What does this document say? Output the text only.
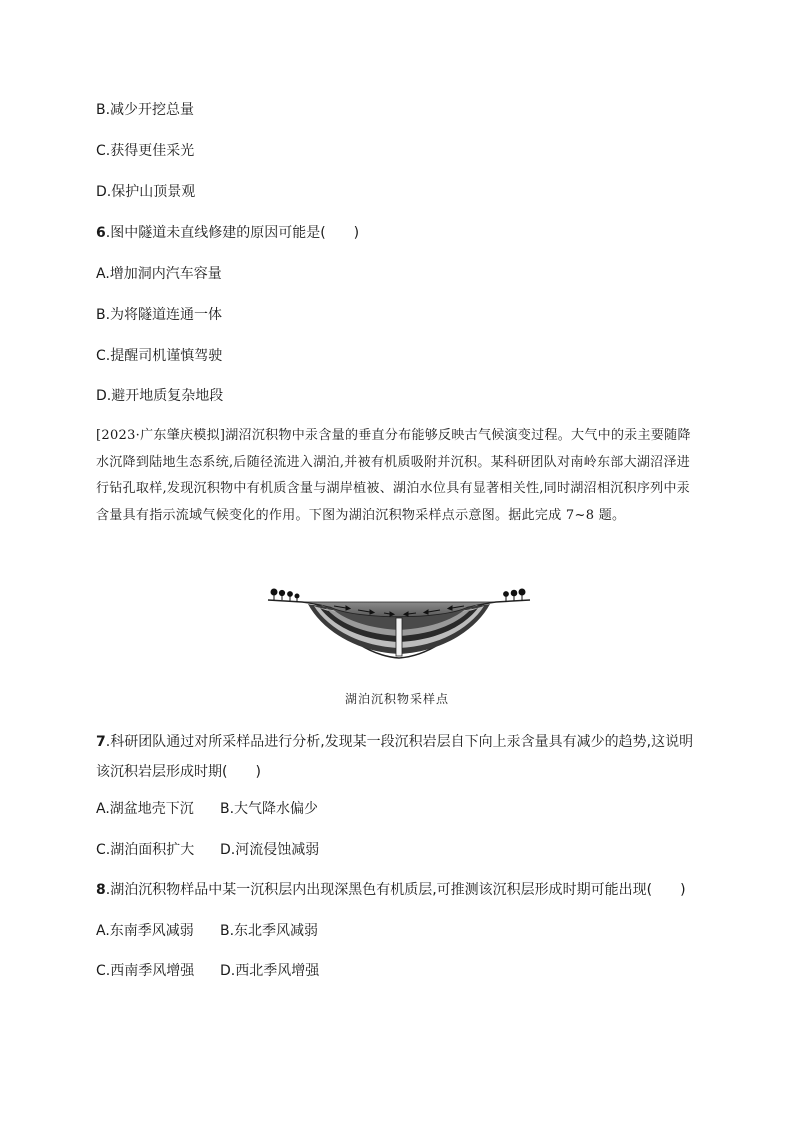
B.减少开挖总量
C.获得更佳采光
D.保护山顶景观
6.图中隧道未直线修建的原因可能是(　　)
A.增加洞内汽车容量
B.为将隧道连通一体
C.提醒司机谨慎驾驶
D.避开地质复杂地段
[2023·广东肇庆模拟]湖沼沉积物中汞含量的垂直分布能够反映古气候演变过程。大气中的汞主要随降水沉降到陆地生态系统,后随径流进入湖泊,并被有机质吸附并沉积。某科研团队对南岭东部大湖沼泽进行钻孔取样,发现沉积物中有机质含量与湖岸植被、湖泊水位具有显著相关性,同时湖沼相沉积序列中汞含量具有指示流域气候变化的作用。下图为湖泊沉积物采样点示意图。据此完成 7~8 题。
湖泊沉积物采样点
7.科研团队通过对所采样品进行分析,发现某一段沉积岩层自下向上汞含量具有减少的趋势,这说明该沉积岩层形成时期(　　)
A.湖盆地壳下沉 B.大气降水偏少
C.湖泊面积扩大 D.河流侵蚀减弱
8.湖泊沉积物样品中某一沉积层内出现深黑色有机质层,可推测该沉积层形成时期可能出现(　　)
A.东南季风减弱 B.东北季风减弱
C.西南季风增强 D.西北季风增强
